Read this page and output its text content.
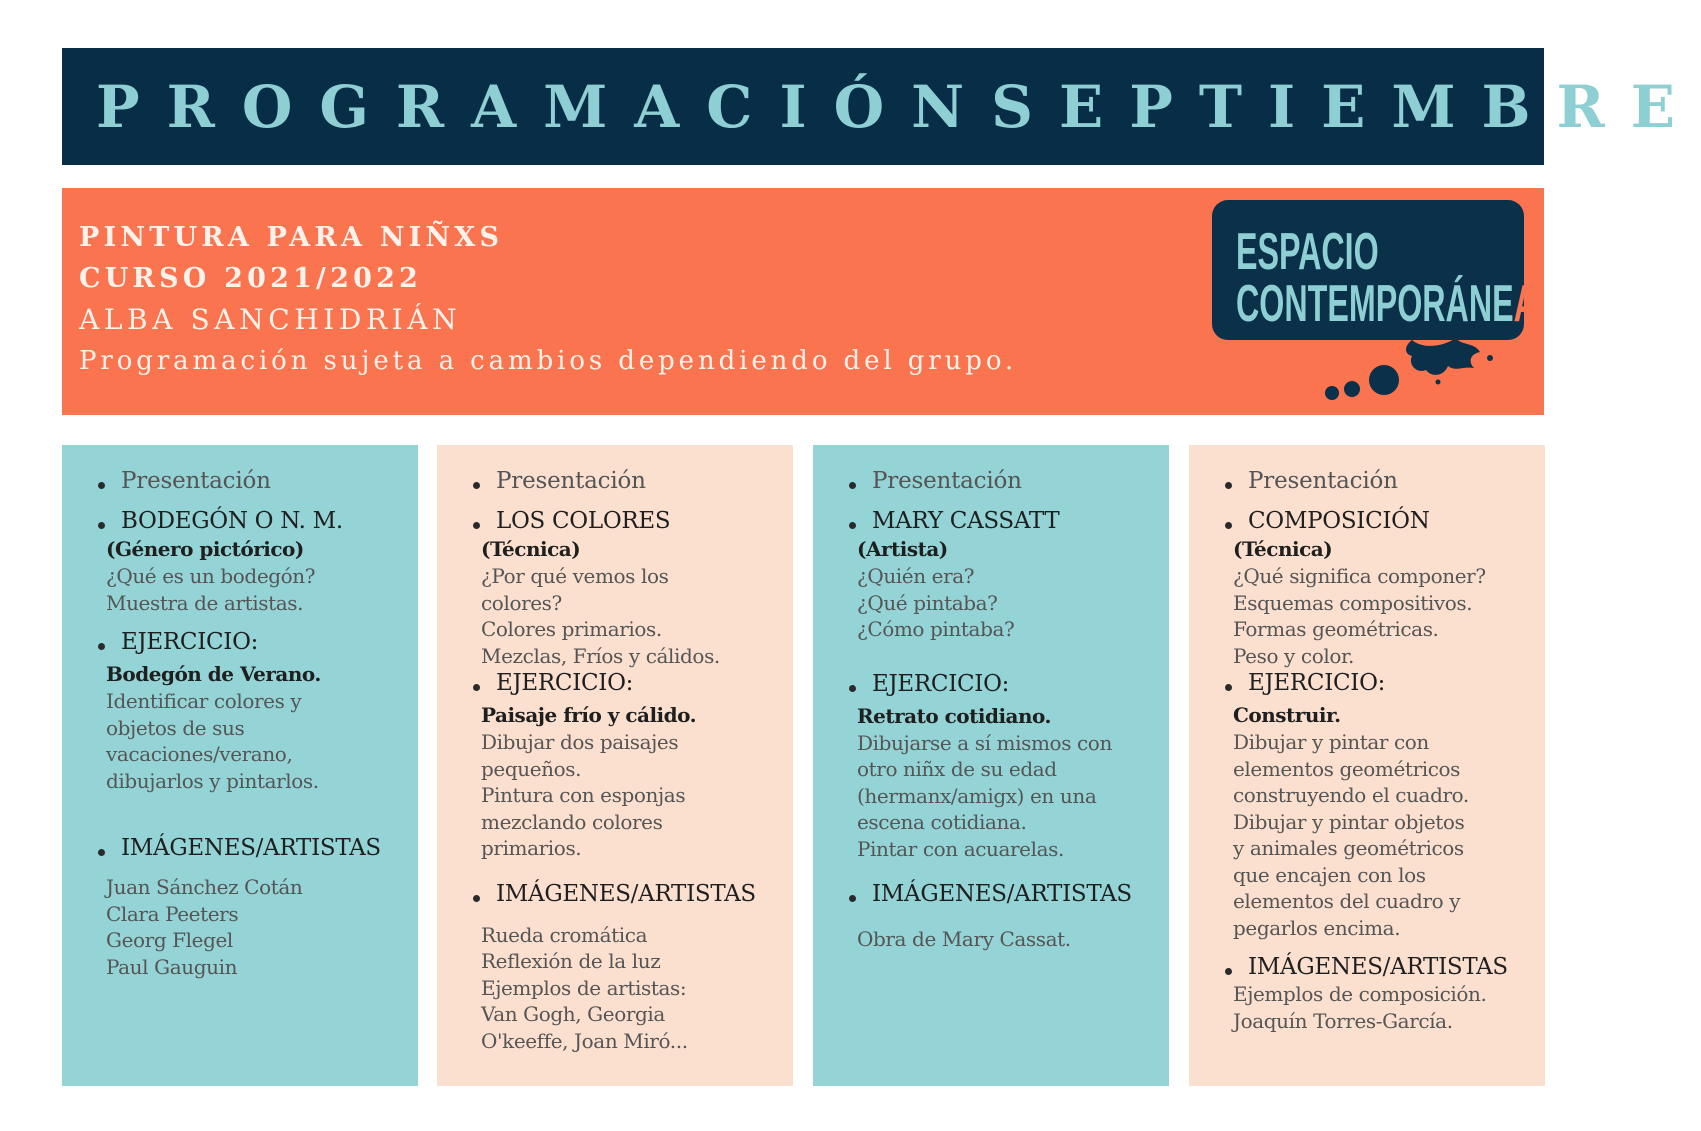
PROGRAMACIÓN SEPTIEMBRE
PINTURA PARA NIÑXS
CURSO 2021/2022
ALBA SANCHIDRIÁN
Programación sujeta a cambios dependiendo del grupo.
ESPACIO
CONTEMPORÁNEA
Presentación
BODEGÓN O N. M.
(Género pictórico)
¿Qué es un bodegón?
Muestra de artistas.
EJERCICIO:
Bodegón de Verano.
Identificar colores y
objetos de sus
vacaciones/verano,
dibujarlos y pintarlos.
IMÁGENES/ARTISTAS
Juan Sánchez Cotán
Clara Peeters
Georg Flegel
Paul Gauguin
Presentación
LOS COLORES
(Técnica)
¿Por qué vemos los
colores?
Colores primarios.
Mezclas, Fríos y cálidos.
EJERCICIO:
Paisaje frío y cálido.
Dibujar dos paisajes
pequeños.
Pintura con esponjas
mezclando colores
primarios.
IMÁGENES/ARTISTAS
Rueda cromática
Reflexión de la luz
Ejemplos de artistas:
Van Gogh, Georgia
O'keeffe, Joan Miró...
Presentación
MARY CASSATT
(Artista)
¿Quién era?
¿Qué pintaba?
¿Cómo pintaba?
EJERCICIO:
Retrato cotidiano.
Dibujarse a sí mismos con
otro niñx de su edad
(hermanx/amigx) en una
escena cotidiana.
Pintar con acuarelas.
IMÁGENES/ARTISTAS
Obra de Mary Cassat.
Presentación
COMPOSICIÓN
(Técnica)
¿Qué significa componer?
Esquemas compositivos.
Formas geométricas.
Peso y color.
EJERCICIO:
Construir.
Dibujar y pintar con
elementos geométricos
construyendo el cuadro.
Dibujar y pintar objetos
y animales geométricos
que encajen con los
elementos del cuadro y
pegarlos encima.
IMÁGENES/ARTISTAS
Ejemplos de composición.
Joaquín Torres-García.
